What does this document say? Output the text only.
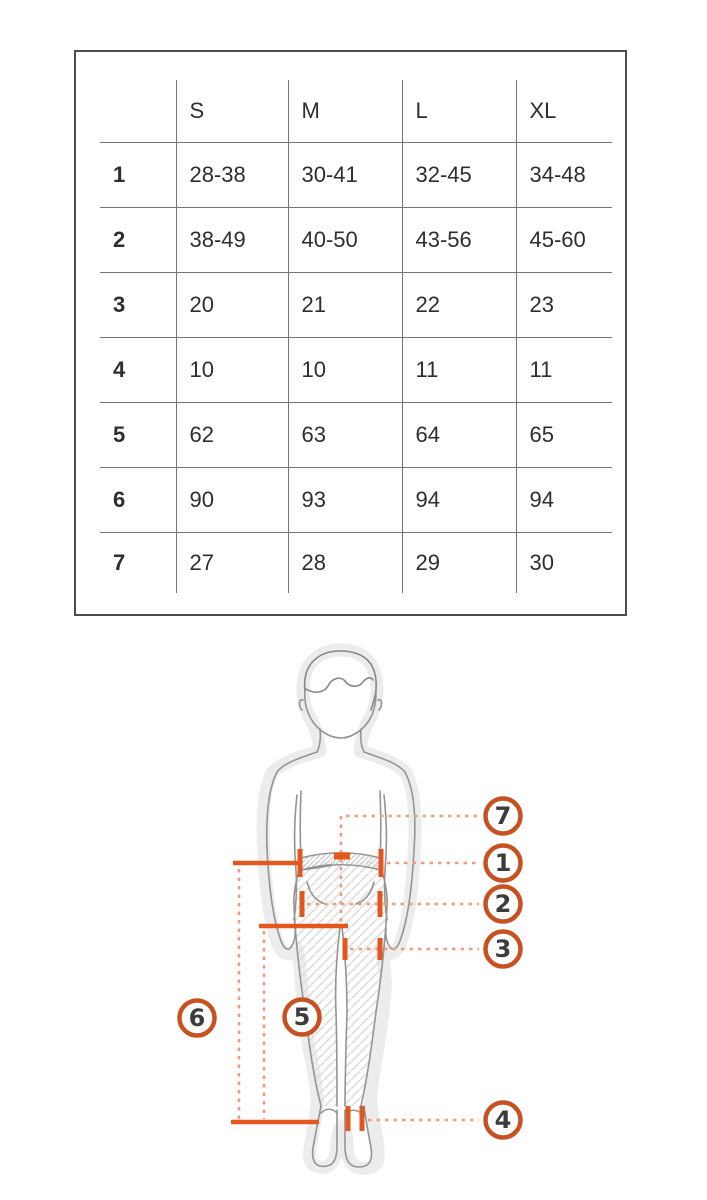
	S	M	L	XL
1	28-38	30-41	32-45	34-48
2	38-49	40-50	43-56	45-60
3	20	21	22	23
4	10	10	11	11
5	62	63	64	65
6	90	93	94	94
7	27	28	29	30
7
1
2
3
4
5
6
